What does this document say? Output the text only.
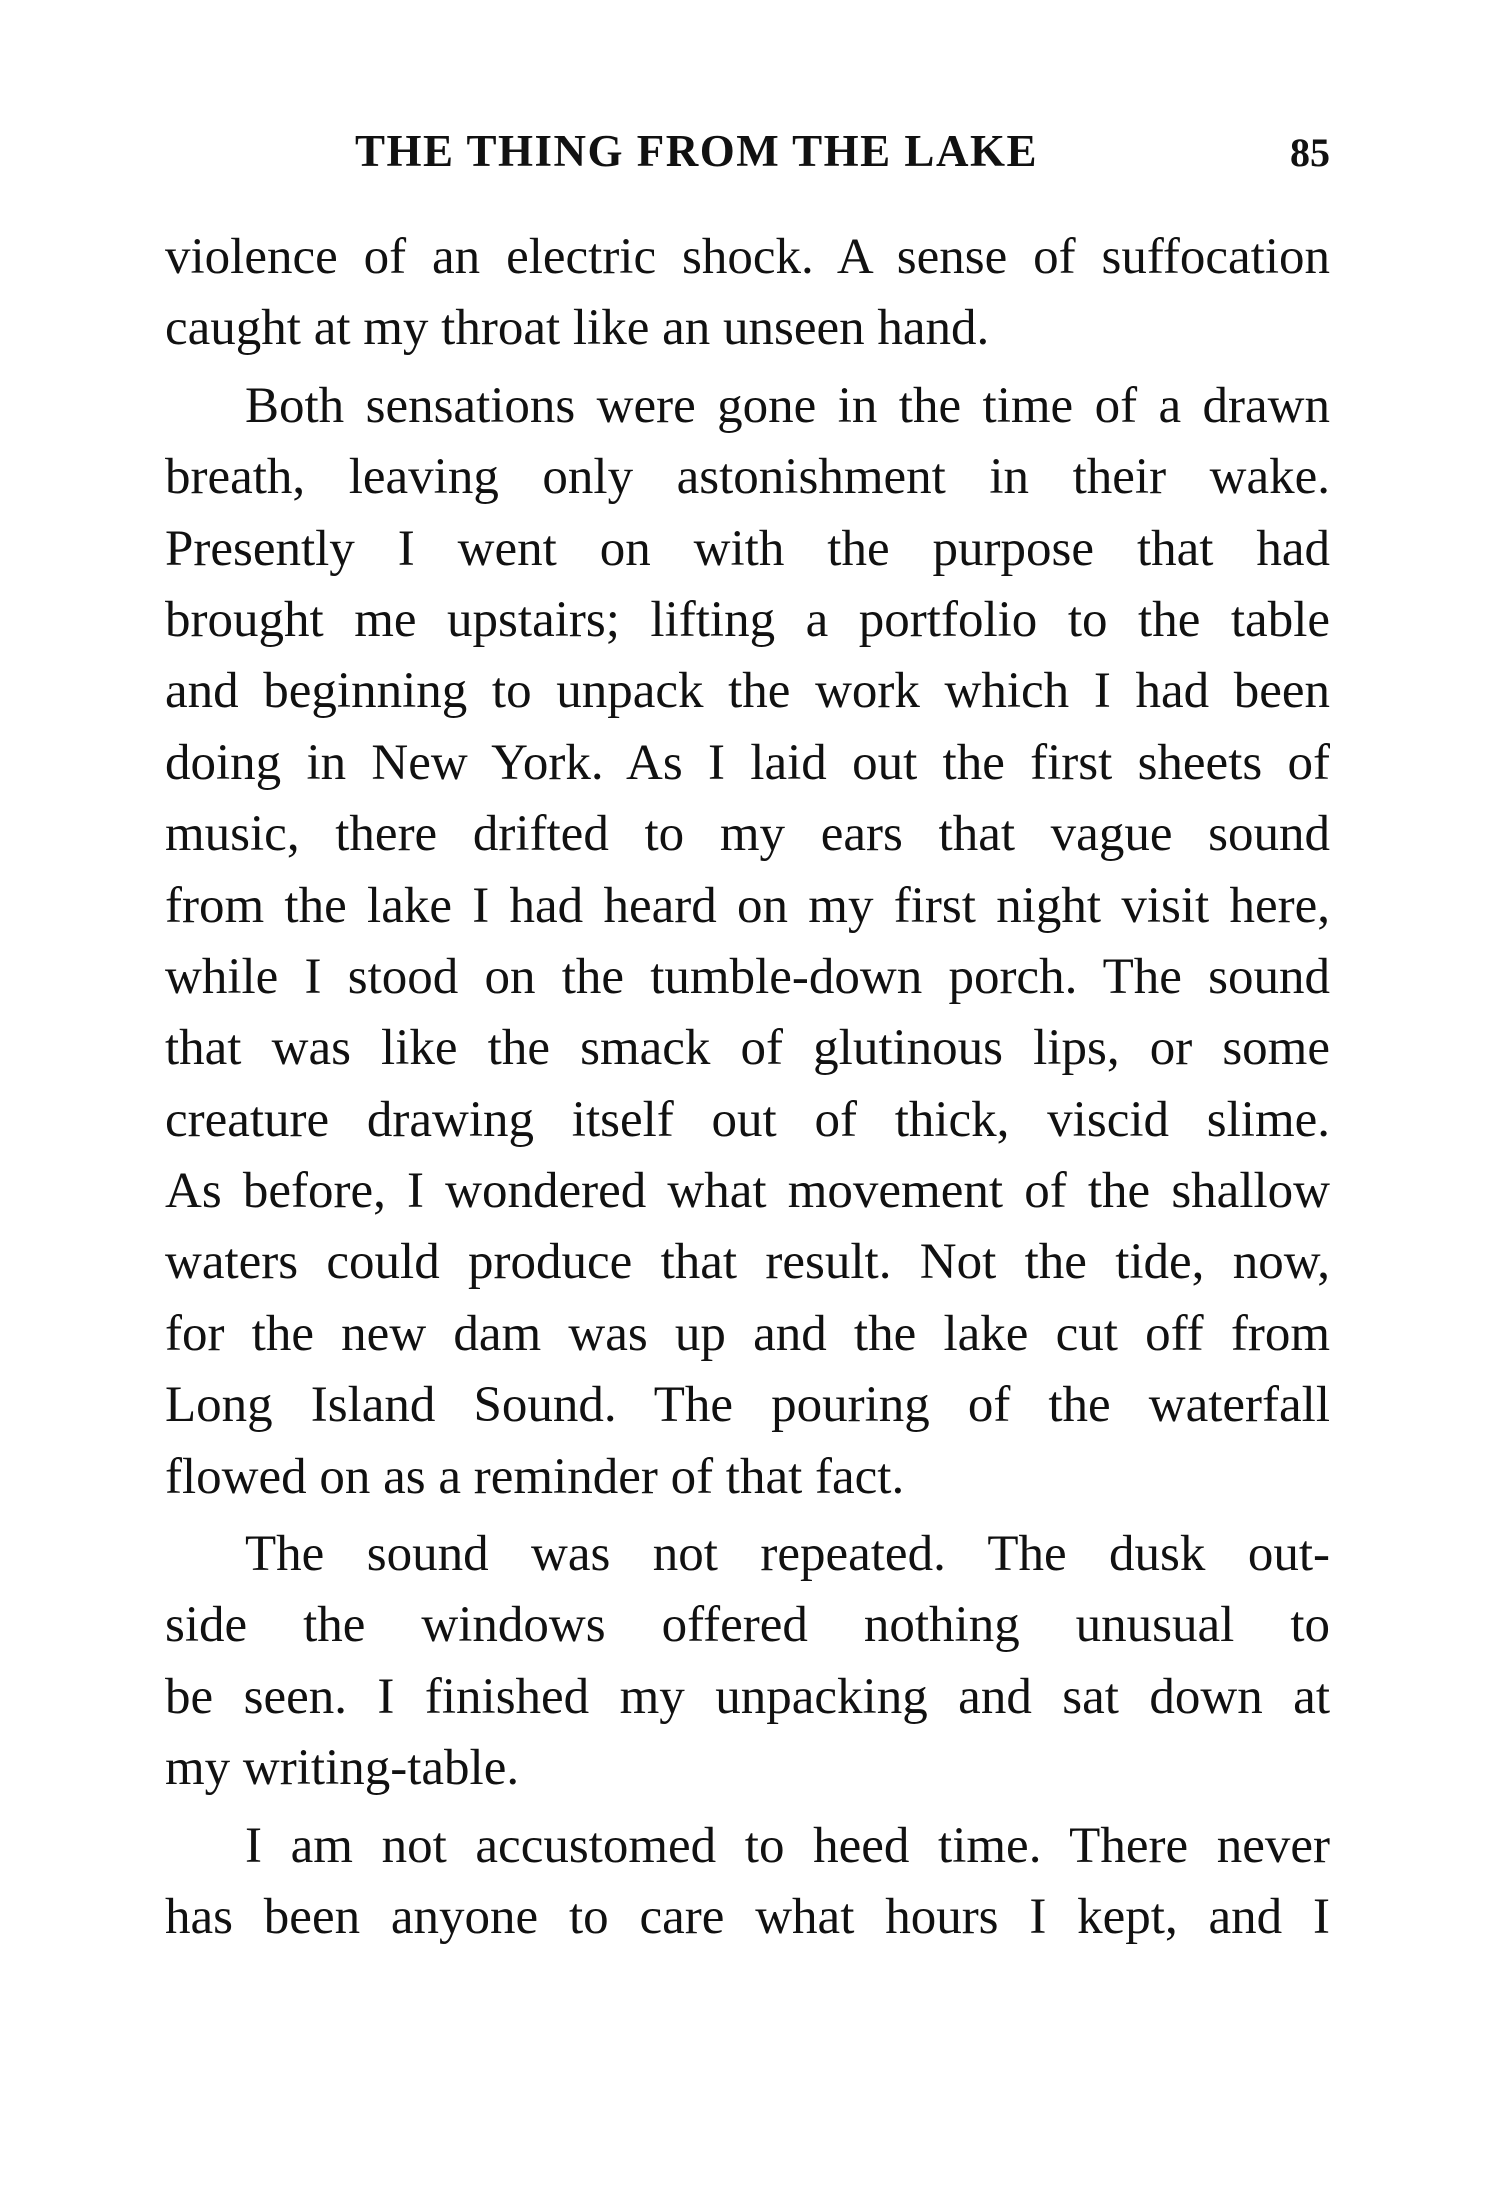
THE THING FROM THE LAKE	85
violence of an electric shock. A sense of suffocation
caught at my throat like an unseen hand.
Both sensations were gone in the time of a drawn
breath, leaving only astonishment in their wake.
Presently I went on with the purpose that had
brought me upstairs; lifting a portfolio to the table
and beginning to unpack the work which I had been
doing in New York. As I laid out the first sheets of
music, there drifted to my ears that vague sound
from the lake I had heard on my first night visit here,
while I stood on the tumble-down porch. The sound
that was like the smack of glutinous lips, or some
creature drawing itself out of thick, viscid slime.
As before, I wondered what movement of the shallow
waters could produce that result. Not the tide, now,
for the new dam was up and the lake cut off from
Long Island Sound. The pouring of the waterfall
flowed on as a reminder of that fact.
The sound was not repeated. The dusk out-
side the windows offered nothing unusual to
be seen. I finished my unpacking and sat down at
my writing-table.
I am not accustomed to heed time. There never
has been anyone to care what hours I kept, and I
